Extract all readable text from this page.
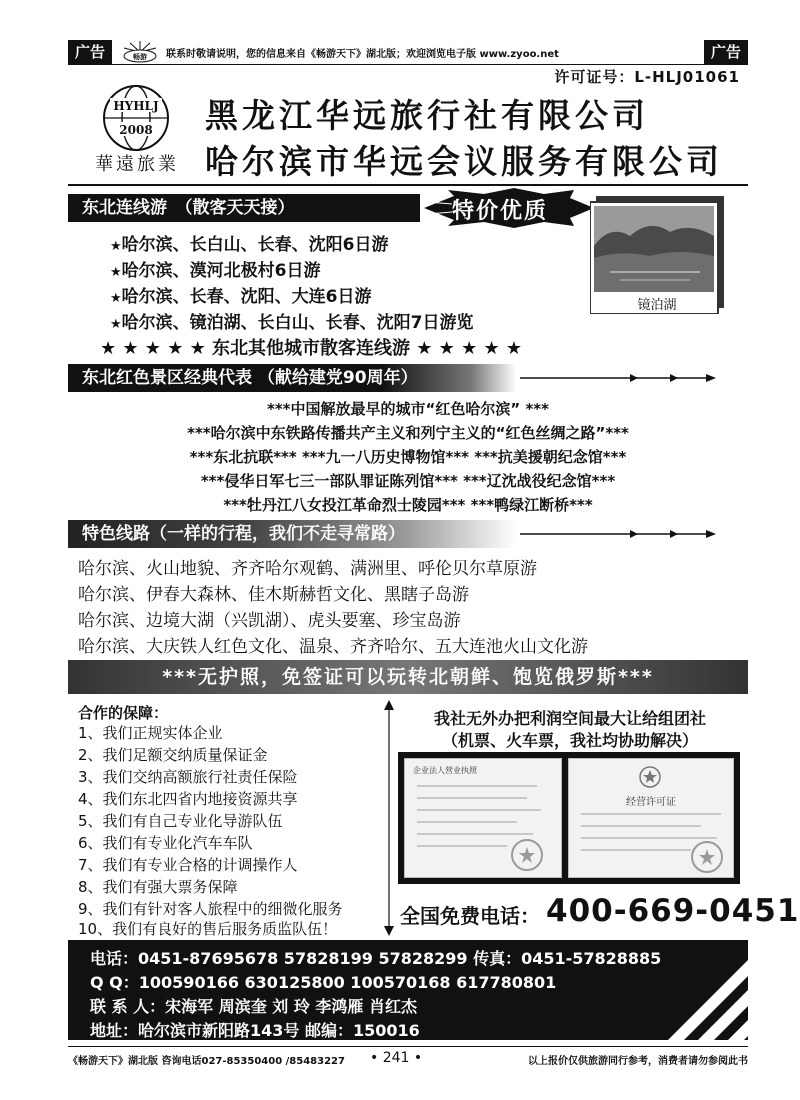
广告	畅游 联系时敬请说明，您的信息来自《畅游天下》湖北版；欢迎浏览电子版 www.zyoo.net	广告
许可证号：L-HLJ01061
HYHLJ
2008
華遠旅業
黑龙江华远旅行社有限公司
哈尔滨市华远会议服务有限公司
东北连线游　（散客天天接）	特价优质
镜泊湖
★哈尔滨、长白山、长春、沈阳6日游
★哈尔滨、漠河北极村6日游
★哈尔滨、长春、沈阳、大连6日游
★哈尔滨、镜泊湖、长白山、长春、沈阳7日游览
★ ★ ★ ★ ★ 东北其他城市散客连线游 ★ ★ ★ ★ ★
东北红色景区经典代表 （献给建党90周年）
***中国解放最早的城市“红色哈尔滨” ***
***哈尔滨中东铁路传播共产主义和列宁主义的“红色丝绸之路”***
***东北抗联*** ***九一八历史博物馆*** ***抗美援朝纪念馆***
***侵华日军七三一部队罪证陈列馆*** ***辽沈战役纪念馆***
***牡丹江八女投江革命烈士陵园*** ***鸭绿江断桥***
特色线路（一样的行程，我们不走寻常路）
哈尔滨、火山地貌、齐齐哈尔观鹤、满洲里、呼伦贝尔草原游
哈尔滨、伊春大森林、佳木斯赫哲文化、黑瞎子岛游
哈尔滨、边境大湖（兴凯湖）、虎头要塞、珍宝岛游
哈尔滨、大庆铁人红色文化、温泉、齐齐哈尔、五大连池火山文化游
***无护照，免签证可以玩转北朝鲜、饱览俄罗斯***
合作的保障：
1、我们正规实体企业
2、我们足额交纳质量保证金
3、我们交纳高额旅行社责任保险
4、我们东北四省内地接资源共享
5、我们有自己专业化导游队伍
6、我们有专业化汽车车队
7、我们有专业合格的计调操作人
8、我们有强大票务保障
9、我们有针对客人旅程中的细微化服务
10、我们有良好的售后服务质监队伍！
我社无外办把利润空间最大让给组团社
（机票、火车票，我社均协助解决）
企业法人营业执照
经营许可证
全国免费电话： 400-669-0451
电话：0451-87695678 57828199 57828299 传真：0451-57828885
Q Q：100590166 630125800 100570168 617780801
联 系 人：宋海军 周滨奎 刘 玲 李鸿雁 肖红杰
地址：哈尔滨市新阳路143号 邮编：150016
《畅游天下》湖北版 咨询电话027-85350400 /85483227 • 241 •	以上报价仅供旅游同行参考，消费者请勿参阅此书
